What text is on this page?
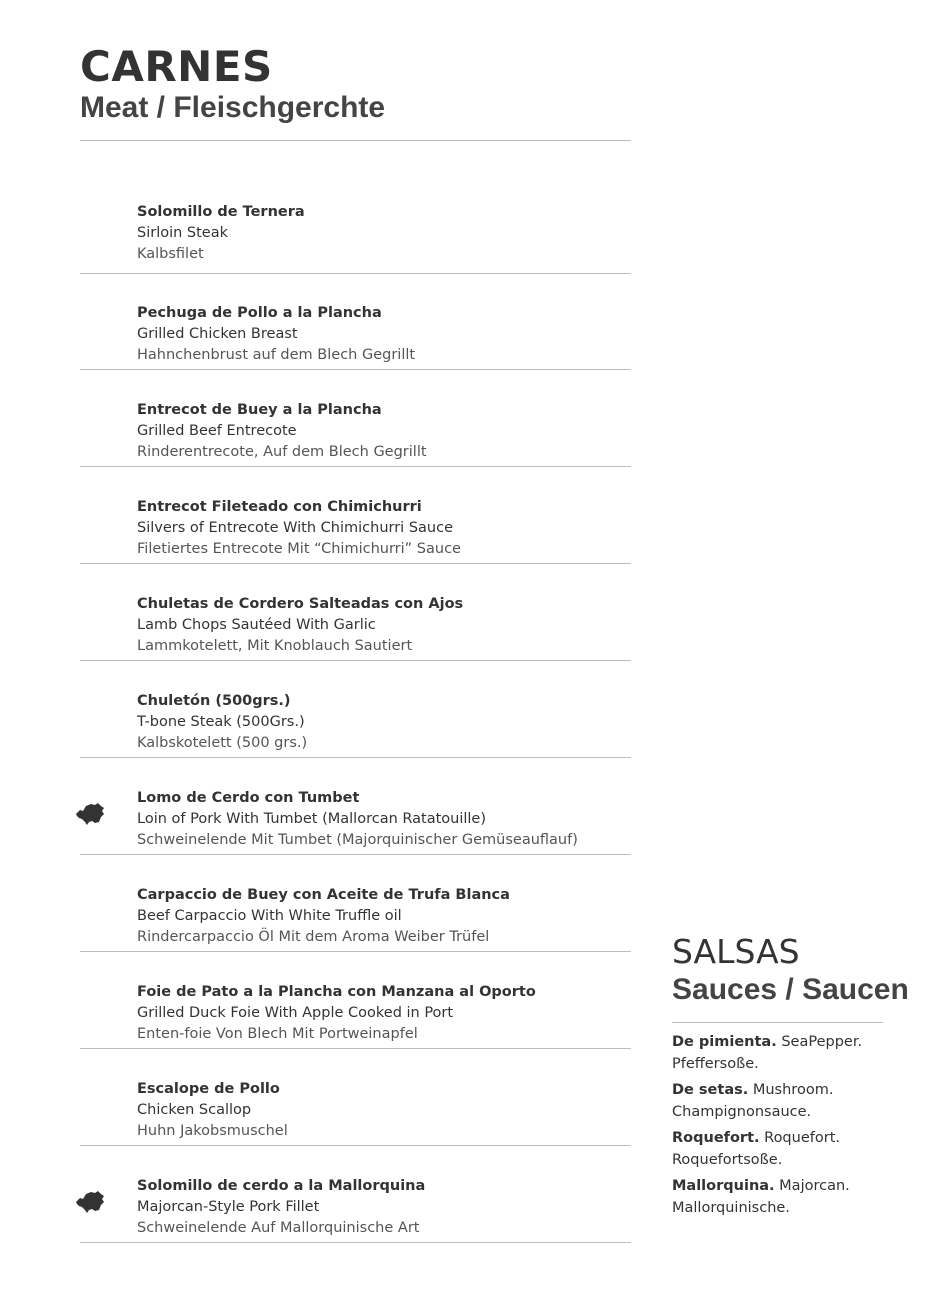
CARNES
Meat / Fleischgerchte
Solomillo de Ternera
Sirloin Steak
Kalbsfilet
Pechuga de Pollo a la Plancha
Grilled Chicken Breast
Hahnchenbrust auf dem Blech Gegrillt
Entrecot de Buey a la Plancha
Grilled Beef Entrecote
Rinderentrecote, Auf dem Blech Gegrillt
Entrecot Fileteado con Chimichurri
Silvers of Entrecote With Chimichurri Sauce
Filetiertes Entrecote Mit “Chimichurri” Sauce
Chuletas de Cordero Salteadas con Ajos
Lamb Chops Sautéed With Garlic
Lammkotelett, Mit Knoblauch Sautiert
Chuletón (500grs.)
T-bone Steak (500Grs.)
Kalbskotelett (500 grs.)
Lomo de Cerdo con Tumbet
Loin of Pork With Tumbet (Mallorcan Ratatouille)
Schweinelende Mit Tumbet (Majorquinischer Gemüseauflauf)
Carpaccio de Buey con Aceite de Trufa Blanca
Beef Carpaccio With White Truffle oil
Rindercarpaccio Öl Mit dem Aroma Weiber Trüfel
Foie de Pato a la Plancha con Manzana al Oporto
Grilled Duck Foie With Apple Cooked in Port
Enten-foie Von Blech Mit Portweinapfel
Escalope de Pollo
Chicken Scallop
Huhn Jakobsmuschel
Solomillo de cerdo a la Mallorquina
Majorcan-Style Pork Fillet
Schweinelende Auf Mallorquinische Art
SALSAS
Sauces / Saucen
De pimienta. SeaPepper. Pfeffersoße.
De setas. Mushroom. Champignonsauce.
Roquefort. Roquefort. Roquefortsoße.
Mallorquina. Majorcan. Mallorquinische.
